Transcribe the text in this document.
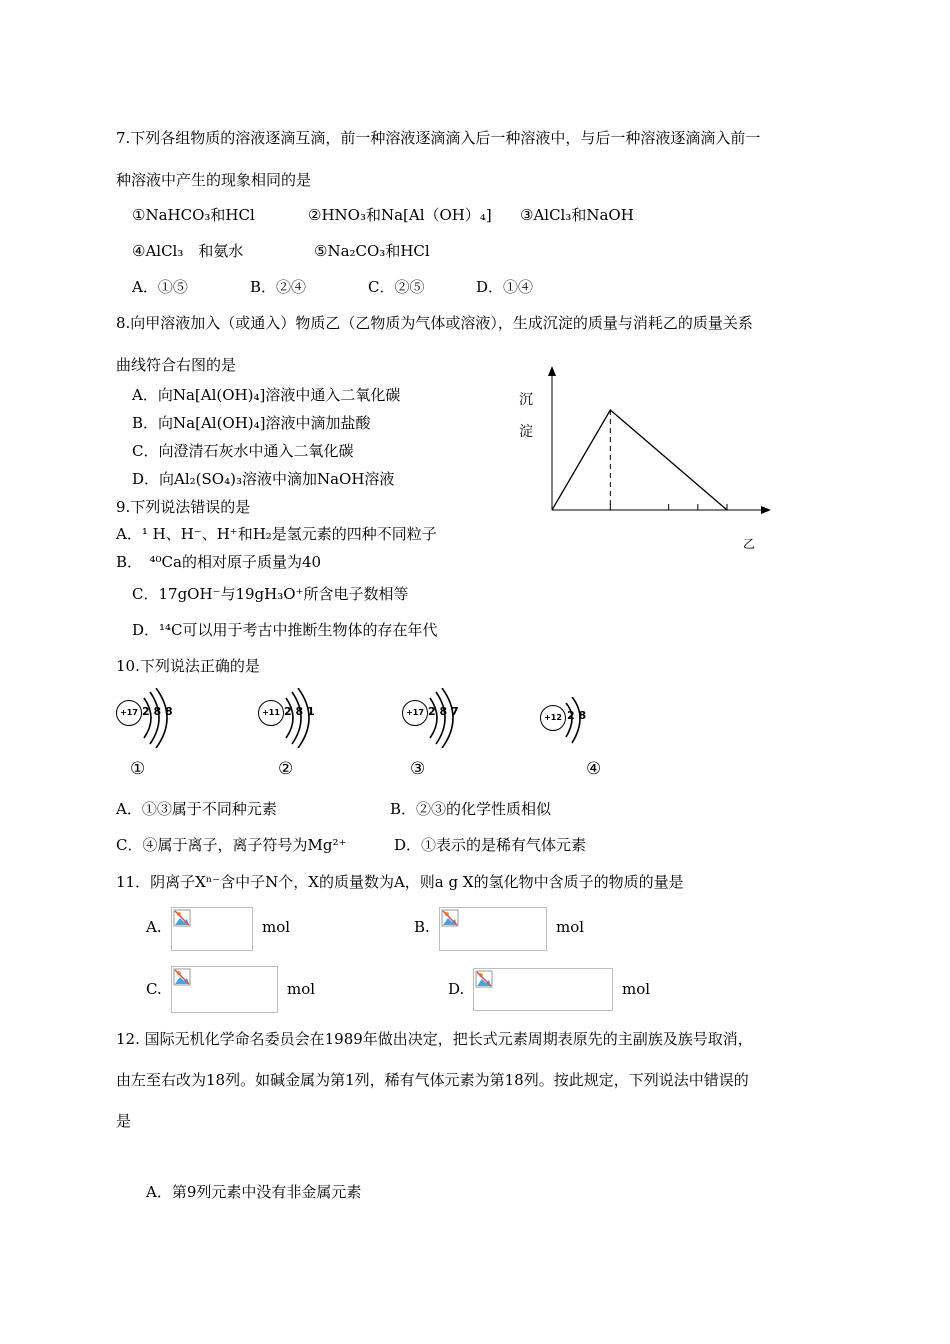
7.下列各组物质的溶液逐滴互滴，前一种溶液逐滴滴入后一种溶液中，与后一种溶液逐滴滴入前一
种溶液中产生的现象相同的是
①NaHCO₃和HCl	②HNO₃和Na[Al（OH）₄] ③AlCl₃和NaOH
④AlCl₃　和氨水	⑤Na₂CO₃和HCl
A．①⑤	B．②④	C．②⑤	D．①④
8.向甲溶液加入（或通入）物质乙（乙物质为气体或溶液），生成沉淀的质量与消耗乙的质量关系
曲线符合右图的是
A．向Na[Al(OH)₄]溶液中通入二氧化碳
B．向Na[Al(OH)₄]溶液中滴加盐酸
C．向澄清石灰水中通入二氧化碳
D．向Al₂(SO₄)₃溶液中滴加NaOH溶液
沉
淀
乙
9.下列说法错误的是
A．¹ H、H⁻、H⁺和H₂是氢元素的四种不同粒子
B．　⁴⁰Ca的相对原子质量为40
C．17gOH⁻与19gH₃O⁺所含电子数相等
D．¹⁴C可以用于考古中推断生物体的存在年代
10.下列说法正确的是
+17 2 8 8
①
+11 2 8 1
②
+17 2 8 7
③
+12 2 8
④
A．①③属于不同种元素	B．②③的化学性质相似
C．④属于离子，离子符号为Mg²⁺	D．①表示的是稀有气体元素
11．阴离子Xⁿ⁻含中子N个，X的质量数为A，则a g X的氢化物中含质子的物质的量是
A.	mol	B.	mol
C.	mol	D.	mol
12. 国际无机化学命名委员会在1989年做出决定，把长式元素周期表原先的主副族及族号取消，
由左至右改为18列。如碱金属为第1列，稀有气体元素为第18列。按此规定，下列说法中错误的
是
A．第9列元素中没有非金属元素
